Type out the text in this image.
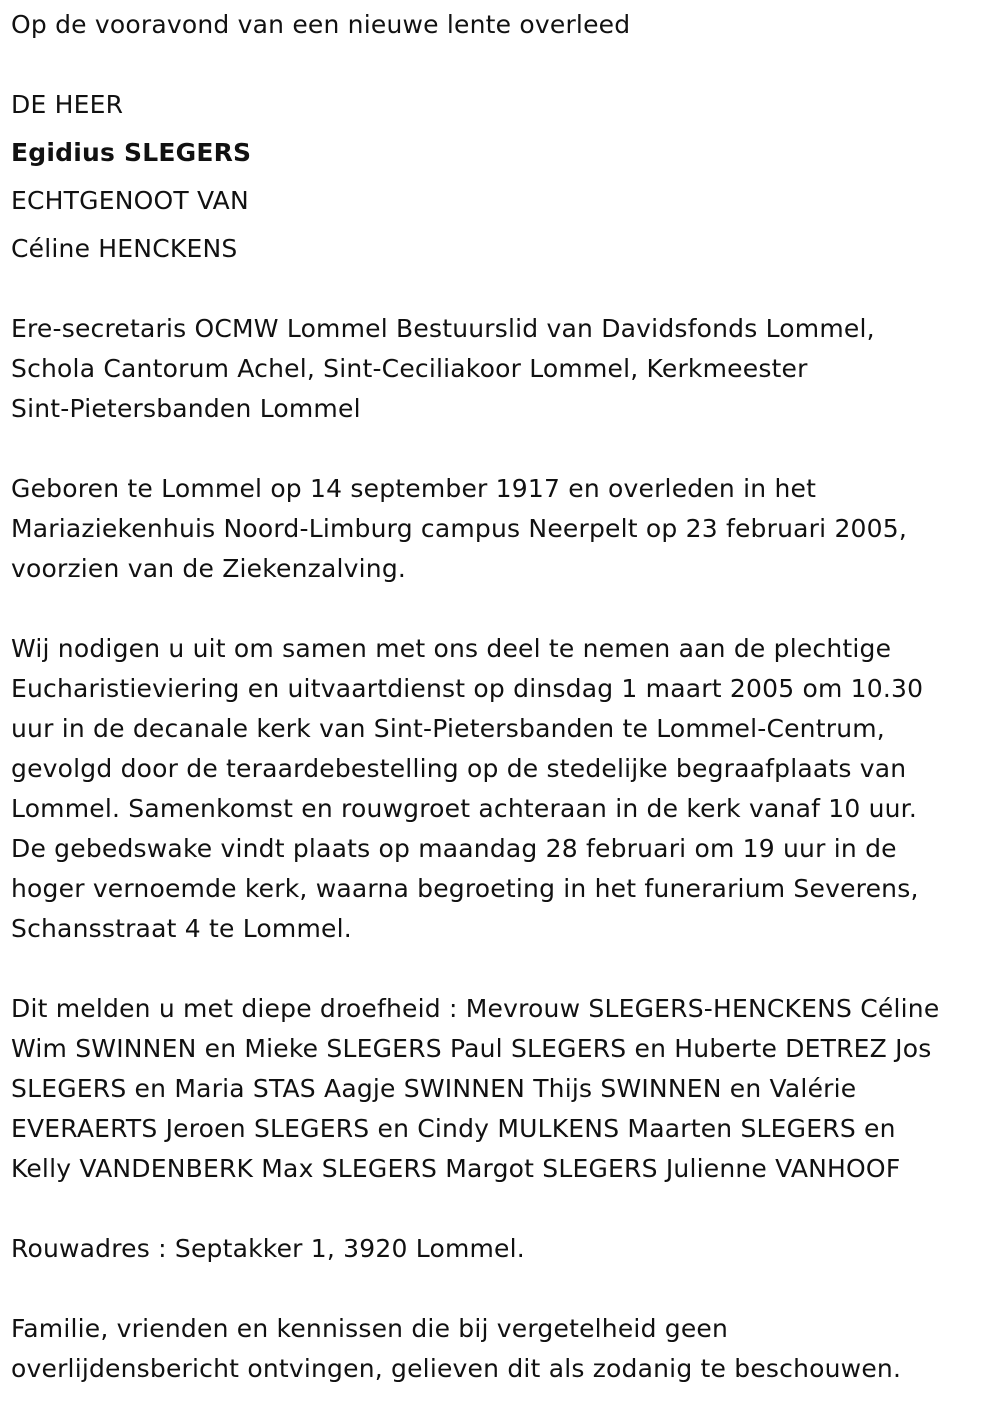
Op de vooravond van een nieuwe lente overleed
DE HEER
Egidius SLEGERS
ECHTGENOOT VAN
Céline HENCKENS
Ere-secretaris OCMW Lommel Bestuurslid van Davidsfonds Lommel,
Schola Cantorum Achel, Sint-Ceciliakoor Lommel, Kerkmeester
Sint-Pietersbanden Lommel
Geboren te Lommel op 14 september 1917 en overleden in het
Mariaziekenhuis Noord-Limburg campus Neerpelt op 23 februari 2005,
voorzien van de Ziekenzalving.
Wij nodigen u uit om samen met ons deel te nemen aan de plechtige
Eucharistieviering en uitvaartdienst op dinsdag 1 maart 2005 om 10.30
uur in de decanale kerk van Sint-Pietersbanden te Lommel-Centrum,
gevolgd door de teraardebestelling op de stedelijke begraafplaats van
Lommel. Samenkomst en rouwgroet achteraan in de kerk vanaf 10 uur.
De gebedswake vindt plaats op maandag 28 februari om 19 uur in de
hoger vernoemde kerk, waarna begroeting in het funerarium Severens,
Schansstraat 4 te Lommel.
Dit melden u met diepe droefheid : Mevrouw SLEGERS-HENCKENS Céline
Wim SWINNEN en Mieke SLEGERS Paul SLEGERS en Huberte DETREZ Jos
SLEGERS en Maria STAS Aagje SWINNEN Thijs SWINNEN en Valérie
EVERAERTS Jeroen SLEGERS en Cindy MULKENS Maarten SLEGERS en
Kelly VANDENBERK Max SLEGERS Margot SLEGERS Julienne VANHOOF
Rouwadres : Septakker 1, 3920 Lommel.
Familie, vrienden en kennissen die bij vergetelheid geen
overlijdensbericht ontvingen, gelieven dit als zodanig te beschouwen.
